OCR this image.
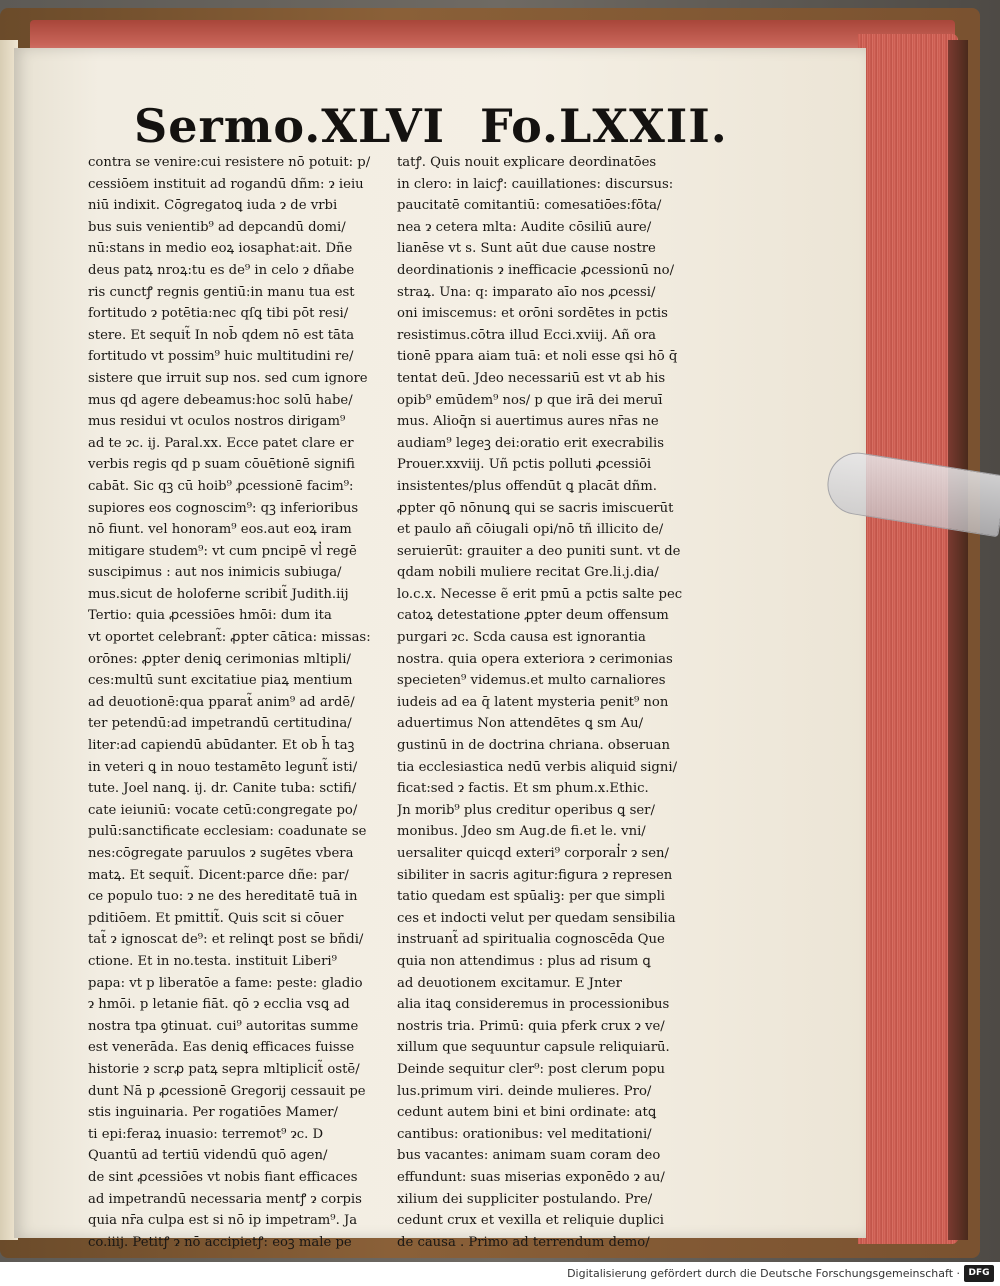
Sermo.XLVI Fo.LXXII.
contra se venire:cui resistere nō potuit: p/
cessiōem instituit ad rogandū dñm: ɂ ieiu
niū indixit. Cōgregatoꝗ iuda ɂ de vrbi
bus suis venientib⁹ ad depcandū domi/
nū:stans in medio eoꝝ iosaphat:ait. Dñe
deus patꝝ nroꝝ:tu es de⁹ in celo ɂ dñabe
ris cunctꝭ regnis gentiū:in manu tua est
fortitudo ɂ potētia:nec qſꝗ tibi pōt resi/
stere. Et sequit̃ In nob̄ qdem nō est tāta
fortitudo vt possim⁹ huic multitudini re/
sistere que irruit sup nos. sed cum ignore
mus qd agere debeamus:hoc solū habe/
mus residui vt oculos nostros dirigam⁹
ad te ɂc. ij. Paral.xx. Ecce patet clare er
verbis regis qd p suam cōuētionē signifi
cabāt. Sic qꝫ cū hoib⁹ ꝓcessionē facim⁹:
supiores eos cognoscim⁹: qꝫ inferioribus
nō fiunt. vel honoram⁹ eos.aut eoꝝ iram
mitigare studem⁹: vt cum pncipē vl̓ regē
suscipimus : aut nos inimicis subiuga/
mus.sicut de holoferne scribit̃ Judith.iij
Tertio: quia ꝓcessiōes hmōi: dum ita
vt oportet celebrant̃: ꝓpter cātica: missas:
orōnes: ꝓpter deniꝗ cerimonias mltipli/
ces:multū sunt excitatiue piaꝝ mentium
ad deuotionē:qua pparat̃ anim⁹ ad ardē/
ter petendū:ad impetrandū certitudina/
liter:ad capiendū abūdanter. Et ob h̄ taꝫ
in veteri ꝗ in nouo testamēto legunt̃ isti/
tute. Joel nanꝗ. ij. dr. Canite tuba: sctifi/
cate ieiuniū: vocate cetū:congregate po/
pulū:sanctificate ecclesiam: coadunate se
nes:cōgregate paruulos ɂ sugētes vbera
matꝝ. Et sequit̃. Dicent:parce dñe: par/
ce populo tuo: ɂ ne des hereditatē tuā in
pditiōem. Et pmittit̃. Quis scit si cōuer
tat̃ ɂ ignoscat de⁹: et relinꝗt post se bñdi/
ctione. Et in no.testa. instituit Liberi⁹
papa: vt p liberatōe a fame: peste: gladio
ɂ hmōi. p letanie fiāt. qō ɂ ecclia vsꝗ ad
nostra tpa ꝯtinuat. cui⁹ autoritas summe
est venerāda. Eas deniꝗ efficaces fuisse
historie ɂ scrꝓ patꝝ sepra mltiplicit̃ ostē/
dunt Nā p ꝓcessionē Gregorij cessauit pe
stis inguinaria. Per rogatiōes Mamer/
ti epi:feraꝝ inuasio: terremot⁹ ɂc. D
Quantū ad tertiū videndū quō agen/
de sint ꝓcessiōes vt nobis fiant efficaces
ad impetrandū necessaria mentꝭ ɂ corpis
quia nr̄a culpa est si nō ip impetram⁹. Ja
co.iiij. Petitꝭ ɂ nō accipietꝭ: eoꝫ male pe
tatꝭ. Quis nouit explicare deordinatōes
in clero: in laicꝭ: cauillationes: discursus:
paucitatē comitantiū: comesatiōes:fōta/
nea ɂ cetera mlta: Audite cōsiliū aure/
lianēse vt s. Sunt aūt due cause nostre
deordinationis ɂ inefficacie ꝓcessionū no/
straꝝ. Una: q: imparato aīo nos ꝓcessi/
oni imiscemus: et orōni sordētes in pctis
resistimus.cōtra illud Ecci.xviij. Añ ora
tionē ppara aiam tuā: et noli esse qsi hō q̄
tentat deū. Jdeo necessariū est vt ab his
opib⁹ emūdem⁹ nos/ p que irā dei meruī
mus. Alioq̄n si auertimus aures nr̄as ne
audiam⁹ legeꝫ dei:oratio erit execrabilis
Prouer.xxviij. Uñ pctis polluti ꝓcessiōi
insistentes/plus offendūt ꝗ placāt dñm.
ꝓpter qō nōnunꝗ qui se sacris imiscuerūt
et paulo añ cōiugali opi/nō tñ illicito de/
seruierūt: grauiter a deo puniti sunt. vt de
qdam nobili muliere recitat Gre.li.j.dia/
lo.c.x. Necesse ẽ erit pmū a pctis salte pec
catoꝝ detestatione ꝓpter deum offensum
purgari ɂc. Scda causa est ignorantia
nostra. quia opera exteriora ɂ cerimonias
specieten⁹ videmus.et multo carnaliores
iudeis ad ea q̄ latent mysteria penit⁹ non
aduertimus Non attendētes ꝗ sm Au/
gustinū in de doctrina chriana. obseruan
tia ecclesiastica nedū verbis aliquid signi/
ficat:sed ɂ factis. Et sm phum.x.Ethic.
Jn morib⁹ plus creditur operibus ꝗ ser/
monibus. Jdeo sm Aug.de fi.et le. vni/
uersaliter quicqd exteri⁹ corporal̓r ɂ sen/
sibiliter in sacris agitur:figura ɂ represen
tatio quedam est spūaliꝫ: per que simpli
ces et indocti velut per quedam sensibilia
instruant̃ ad spiritualia cognoscēda Que
quia non attendimus : plus ad risum ꝗ
ad deuotionem excitamur. E Jnter
alia itaꝗ consideremus in processionibus
nostris tria. Primū: quia pferk crux ɂ ve/
xillum que sequuntur capsule reliquiarū.
Deinde sequitur cler⁹: post clerum popu
lus.primum viri. deinde mulieres. Pro/
cedunt autem bini et bini ordinate: atꝗ
cantibus: orationibus: vel meditationi/
bus vacantes: animam suam coram deo
effundunt: suas miserias exponēdo ɂ au/
xilium dei suppliciter postulando. Pre/
cedunt crux et vexilla et reliquie duplici
de causa . Primo ad terrendum demo/
Digitalisierung gefördert durch die Deutsche Forschungsgemeinschaft · DFG
